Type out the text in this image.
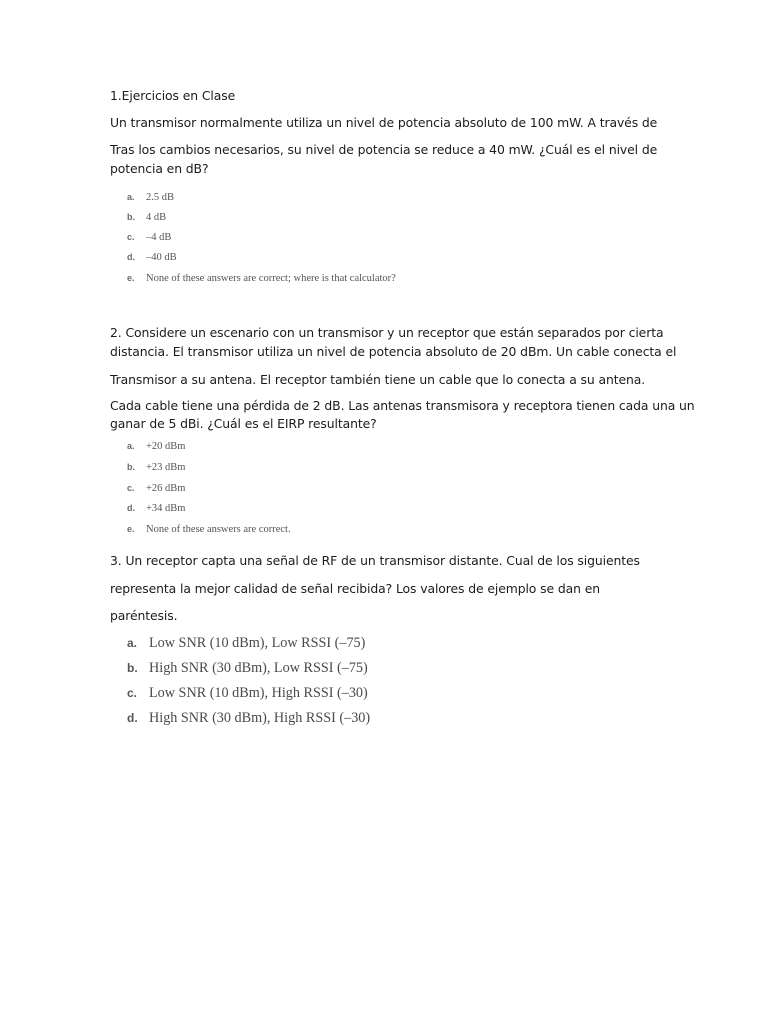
1.Ejercicios en Clase

Un transmisor normalmente utiliza un nivel de potencia absoluto de 100 mW. A través de

Tras los cambios necesarios, su nivel de potencia se reduce a 40 mW. ¿Cuál es el nivel de

potencia en dB?

a.	2.5 dB
b.	4 dB
c.	–4 dB
d.	–40 dB
e.	None of these answers are correct; where is that calculator?

2. Considere un escenario con un transmisor y un receptor que están separados por cierta

distancia. El transmisor utiliza un nivel de potencia absoluto de 20 dBm. Un cable conecta el

Transmisor a su antena. El receptor también tiene un cable que lo conecta a su antena.

Cada cable tiene una pérdida de 2 dB. Las antenas transmisora y receptora tienen cada una un

ganar de 5 dBi. ¿Cuál es el EIRP resultante?

a.	+20 dBm
b.	+23 dBm
c.	+26 dBm
d.	+34 dBm
e.	None of these answers are correct.

3. Un receptor capta una señal de RF de un transmisor distante. Cual de los siguientes

representa la mejor calidad de señal recibida? Los valores de ejemplo se dan en

paréntesis.

a. Low SNR (10 dBm), Low RSSI (–75)
b. High SNR (30 dBm), Low RSSI (–75)
c. Low SNR (10 dBm), High RSSI (–30)
d. High SNR (30 dBm), High RSSI (–30)
